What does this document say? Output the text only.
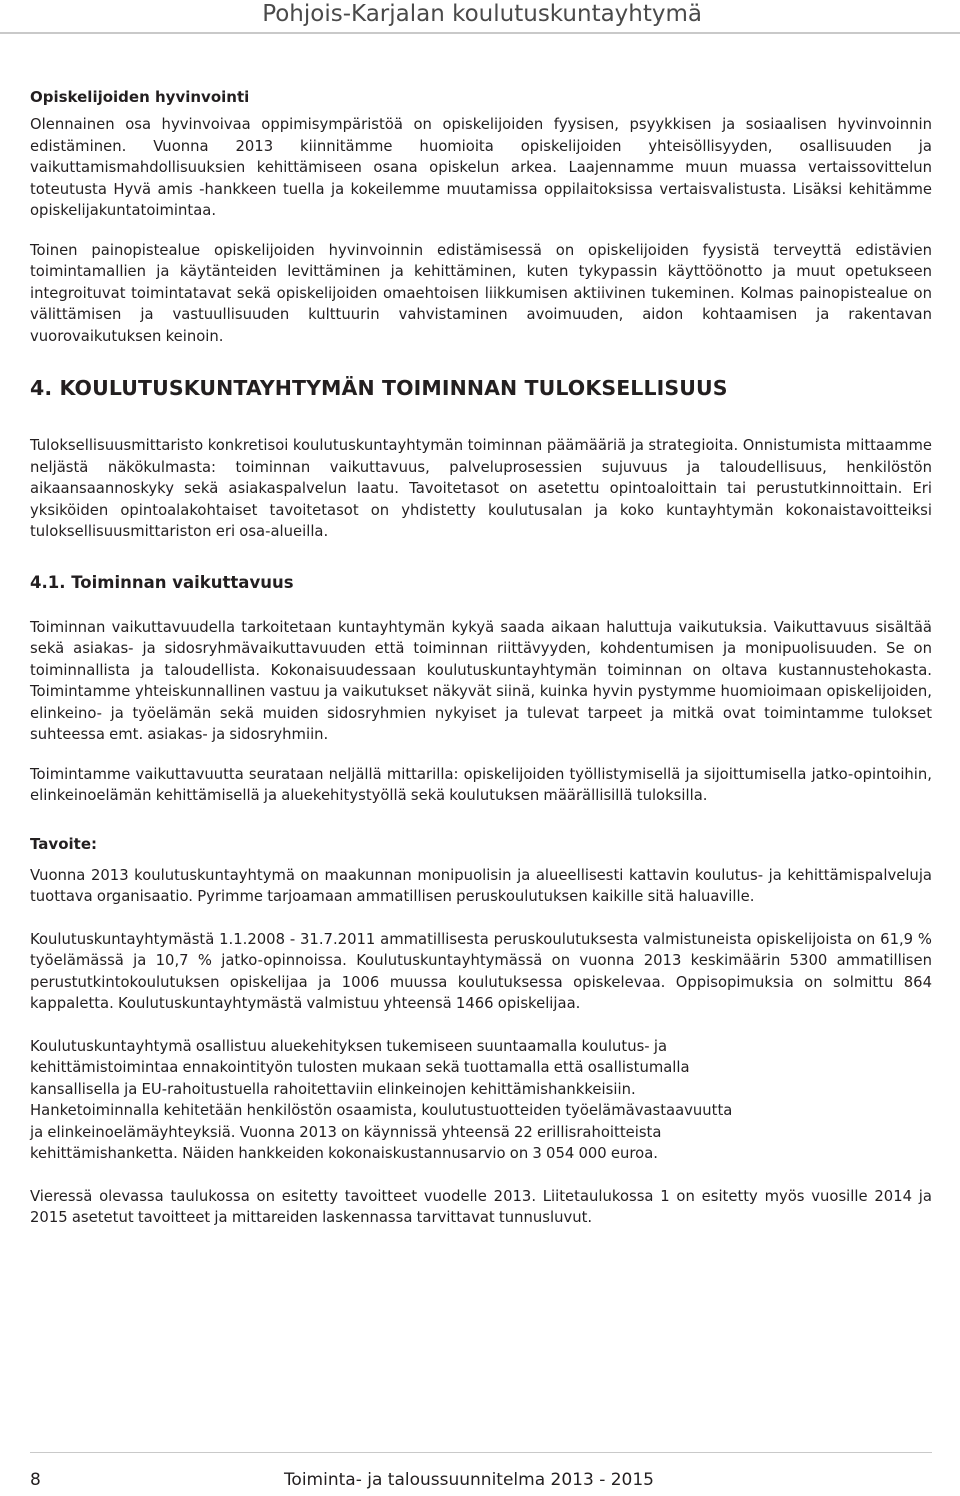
Pohjois-Karjalan koulutuskuntayhtymä
Opiskelijoiden hyvinvointi

Olennainen osa hyvinvoivaa oppimisympäristöä on opiskelijoiden fyysisen, psyykkisen ja sosiaalisen hyvinvoinnin edistäminen. Vuonna 2013 kiinnitämme huomioita opiskelijoiden yhteisöllisyyden, osallisuuden ja vaikuttamismahdollisuuksien kehittämiseen osana opiskelun arkea. Laajennamme muun muassa vertaissovittelun toteutusta Hyvä amis -hankkeen tuella ja kokeilemme muutamissa oppilaitoksissa vertaisvalistusta. Lisäksi kehitämme opiskelijakuntatoimintaa.

Toinen painopistealue opiskelijoiden hyvinvoinnin edistämisessä on opiskelijoiden fyysistä terveyttä edistävien toimintamallien ja käytänteiden levittäminen ja kehittäminen, kuten tykypassin käyttöönotto ja muut opetukseen integroituvat toimintatavat sekä opiskelijoiden omaehtoisen liikkumisen aktiivinen tukeminen. Kolmas painopistealue on välittämisen ja vastuullisuuden kulttuurin vahvistaminen avoimuuden, aidon kohtaamisen ja rakentavan vuorovaikutuksen keinoin.

4. KOULUTUSKUNTAYHTYMÄN TOIMINNAN TULOKSELLISUUS

Tuloksellisuusmittaristo konkretisoi koulutuskuntayhtymän toiminnan päämääriä ja strategioita. Onnistumista mittaamme neljästä näkökulmasta: toiminnan vaikuttavuus, palveluprosessien sujuvuus ja taloudellisuus, henkilöstön aikaansaannoskyky sekä asiakaspalvelun laatu. Tavoitetasot on asetettu opintoaloittain tai perustutkinnoittain. Eri yksiköiden opintoalakohtaiset tavoitetasot on yhdistetty koulutusalan ja koko kuntayhtymän kokonaistavoitteiksi tuloksellisuusmittariston eri osa-alueilla.

4.1. Toiminnan vaikuttavuus

Toiminnan vaikuttavuudella tarkoitetaan kuntayhtymän kykyä saada aikaan haluttuja vaikutuksia. Vaikuttavuus sisältää sekä asiakas- ja sidosryhmävaikuttavuuden että toiminnan riittävyyden, kohdentumisen ja monipuolisuuden. Se on toiminnallista ja taloudellista. Kokonaisuudessaan koulutuskuntayhtymän toiminnan on oltava kustannustehokasta. Toimintamme yhteiskunnallinen vastuu ja vaikutukset näkyvät siinä, kuinka hyvin pystymme huomioimaan opiskelijoiden, elinkeino- ja työelämän sekä muiden sidosryhmien nykyiset ja tulevat tarpeet ja mitkä ovat toimintamme tulokset suhteessa emt. asiakas- ja sidosryhmiin.

Toimintamme vaikuttavuutta seurataan neljällä mittarilla: opiskelijoiden työllistymisellä ja sijoittumisella jatko-opintoihin, elinkeinoelämän kehittämisellä ja aluekehitystyöllä sekä koulutuksen määrällisillä tuloksilla.

Tavoite:

Vuonna 2013 koulutuskuntayhtymä on maakunnan monipuolisin ja alueellisesti kattavin koulutus- ja kehittämispalveluja tuottava organisaatio. Pyrimme tarjoamaan ammatillisen peruskoulutuksen kaikille sitä haluaville.

Koulutuskuntayhtymästä 1.1.2008 - 31.7.2011 ammatillisesta peruskoulutuksesta valmistuneista opiskelijoista on 61,9 % työelämässä ja 10,7 % jatko-opinnoissa. Koulutuskuntayhtymässä on vuonna 2013 keskimäärin 5300 ammatillisen perustutkintokoulutuksen opiskelijaa ja 1006 muussa koulutuksessa opiskelevaa. Oppisopimuksia on solmittu 864 kappaletta. Koulutuskuntayhtymästä valmistuu yhteensä 1466 opiskelijaa.

Koulutuskuntayhtymä osallistuu aluekehityksen tukemiseen suuntaamalla koulutus- ja
kehittämistoimintaa ennakointityön tulosten mukaan sekä tuottamalla että osallistumalla
kansallisella ja EU-rahoitustuella rahoitettaviin elinkeinojen kehittämishankkeisiin.
Hanketoiminnalla kehitetään henkilöstön osaamista, koulutustuotteiden työelämävastaavuutta
ja elinkeinoelämäyhteyksiä. Vuonna 2013 on käynnissä yhteensä 22 erillisrahoitteista
kehittämishanketta. Näiden hankkeiden kokonaiskustannusarvio on 3 054 000 euroa.

Vieressä olevassa taulukossa on esitetty tavoitteet vuodelle 2013. Liitetaulukossa 1 on esitetty myös vuosille 2014 ja 2015 asetetut tavoitteet ja mittareiden laskennassa tarvittavat tunnusluvut.

8	Toiminta- ja taloussuunnitelma 2013 - 2015
